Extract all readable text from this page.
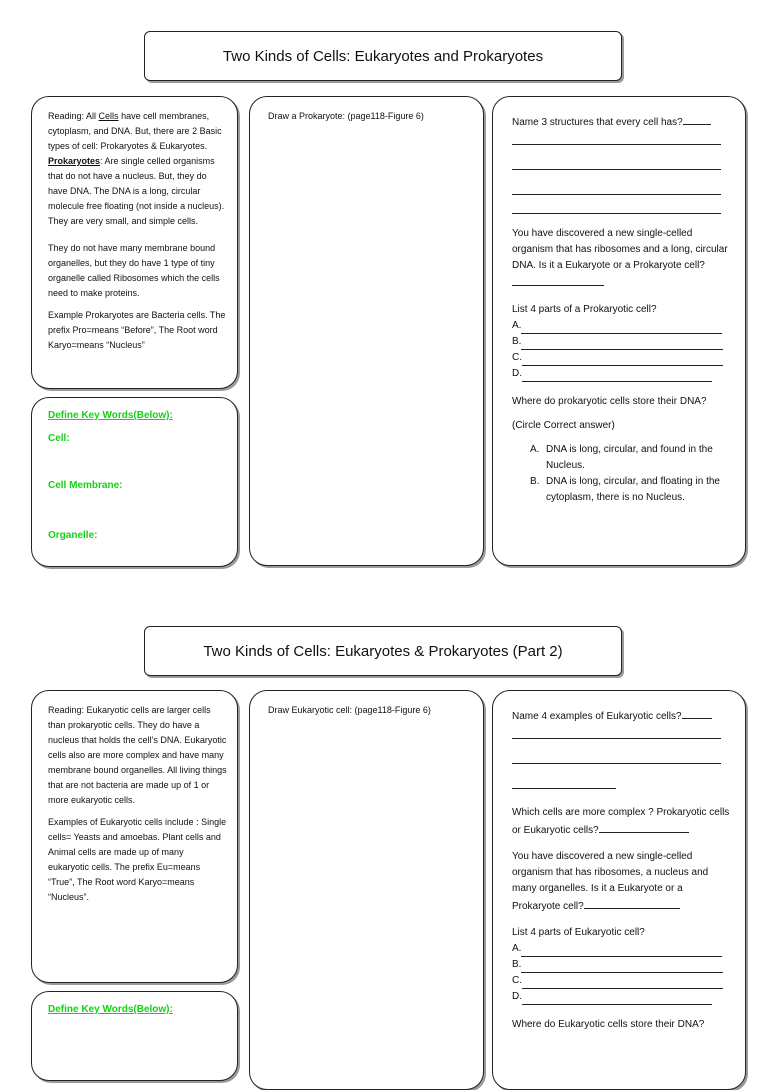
Two Kinds of Cells: Eukaryotes and Prokaryotes

Reading: All Cells have cell membranes, cytoplasm, and DNA. But, there are 2 Basic types of cell: Prokaryotes & Eukaryotes. Prokaryotes: Are single celled organisms that do not have a nucleus. But, they do have DNA. The DNA is a long, circular molecule free floating (not inside a nucleus). They are very small, and simple cells.

They do not have many membrane bound organelles, but they do have 1 type of tiny organelle called Ribosomes which the cells need to make proteins.

Example Prokaryotes are Bacteria cells. The prefix Pro=means “Before”, The Root word Karyo=means “Nucleus”

Define Key Words(Below):
Cell:
Cell Membrane:
Organelle:
Draw a Prokaryote: (page118-Figure 6)

Name 3 structures that every cell has?

You have discovered a new single-celled organism that has ribosomes and a long, circular DNA. Is it a Eukaryote or a Prokaryote cell?

List 4 parts of a Prokaryotic cell?

A.
B.
C.
D.

Where do prokaryotic cells store their DNA?

(Circle Correct answer)

A. DNA is long, circular, and found in the Nucleus.
B. DNA is long, circular, and floating in the cytoplasm, there is no Nucleus.
Two Kinds of Cells: Eukaryotes & Prokaryotes (Part 2)

Reading: Eukaryotic cells are larger cells than prokaryotic cells. They do have a nucleus that holds the cell’s DNA. Eukaryotic cells also are more complex and have many membrane bound organelles. All living things that are not bacteria are made up of 1 or more eukaryotic cells.

Examples of Eukaryotic cells include : Single cells= Yeasts and amoebas. Plant cells and Animal cells are made up of many eukaryotic cells. The prefix Eu=means “True”, The Root word Karyo=means “Nucleus”.

Define Key Words(Below):
Draw Eukaryotic cell: (page118-Figure 6)

Name 4 examples of Eukaryotic cells?

Which cells are more complex ? Prokaryotic cells or Eukaryotic cells?

You have discovered a new single-celled organism that has ribosomes, a nucleus and many organelles. Is it a Eukaryote or a Prokaryote cell?

List 4 parts of Eukaryotic cell?

A.
B.
C.
D.

Where do Eukaryotic cells store their DNA?
